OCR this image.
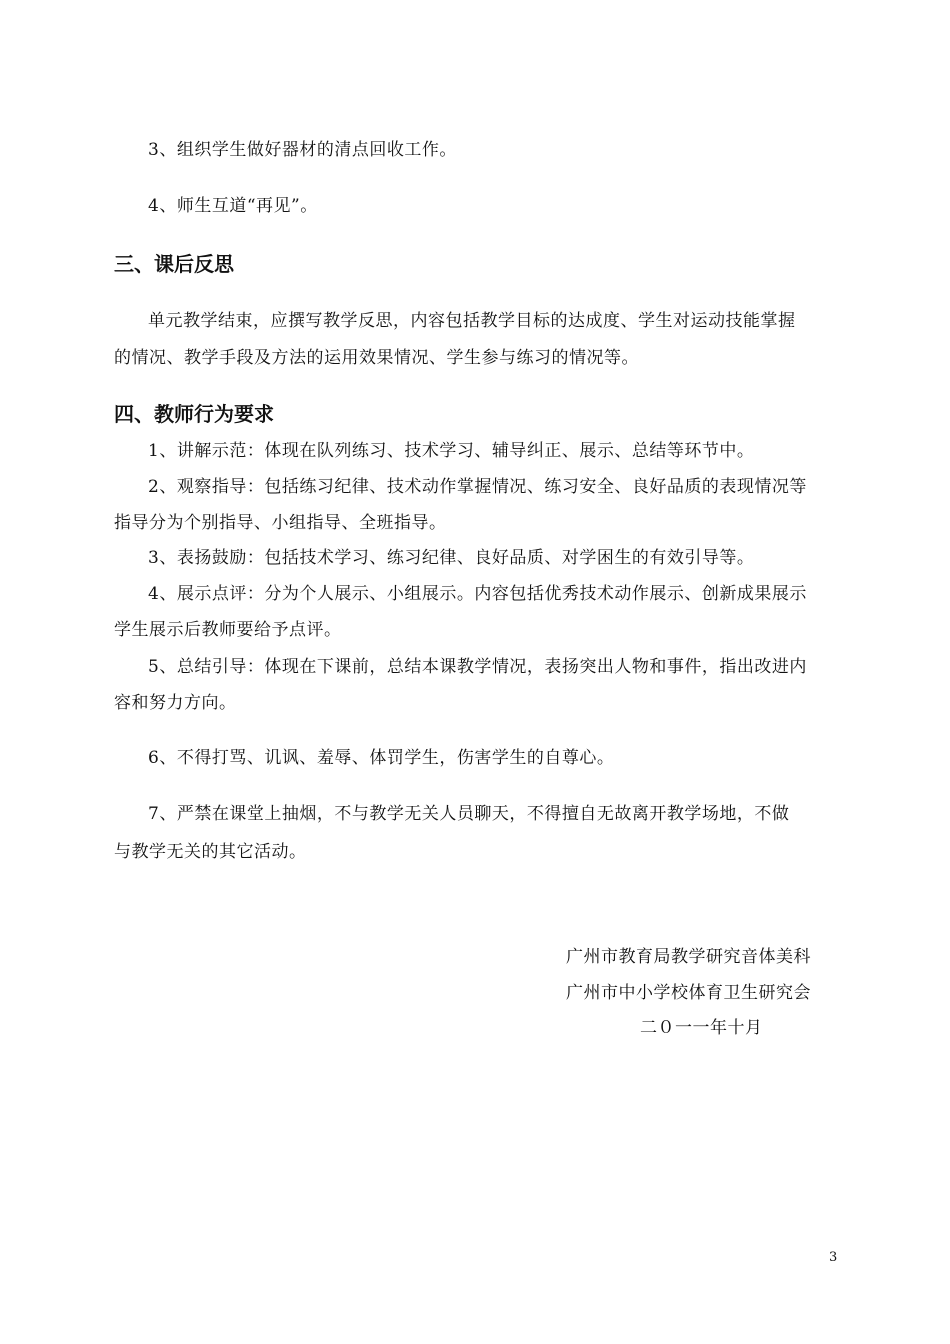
3、组织学生做好器材的清点回收工作。
4、师生互道“再见”。
三、课后反思
单元教学结束，应撰写教学反思，内容包括教学目标的达成度、学生对运动技能掌握
的情况、教学手段及方法的运用效果情况、学生参与练习的情况等。
四、教师行为要求
1、讲解示范：体现在队列练习、技术学习、辅导纠正、展示、总结等环节中。
2、观察指导：包括练习纪律、技术动作掌握情况、练习安全、良好品质的表现情况等
指导分为个别指导、小组指导、全班指导。
3、表扬鼓励：包括技术学习、练习纪律、良好品质、对学困生的有效引导等。
4、展示点评：分为个人展示、小组展示。内容包括优秀技术动作展示、创新成果展示
学生展示后教师要给予点评。
5、总结引导：体现在下课前，总结本课教学情况，表扬突出人物和事件，指出改进内
容和努力方向。
6、不得打骂、讥讽、羞辱、体罚学生，伤害学生的自尊心。
7、严禁在课堂上抽烟，不与教学无关人员聊天，不得擅自无故离开教学场地，不做
与教学无关的其它活动。
广州市教育局教学研究音体美科
广州市中小学校体育卫生研究会
二０一一年十月
3
